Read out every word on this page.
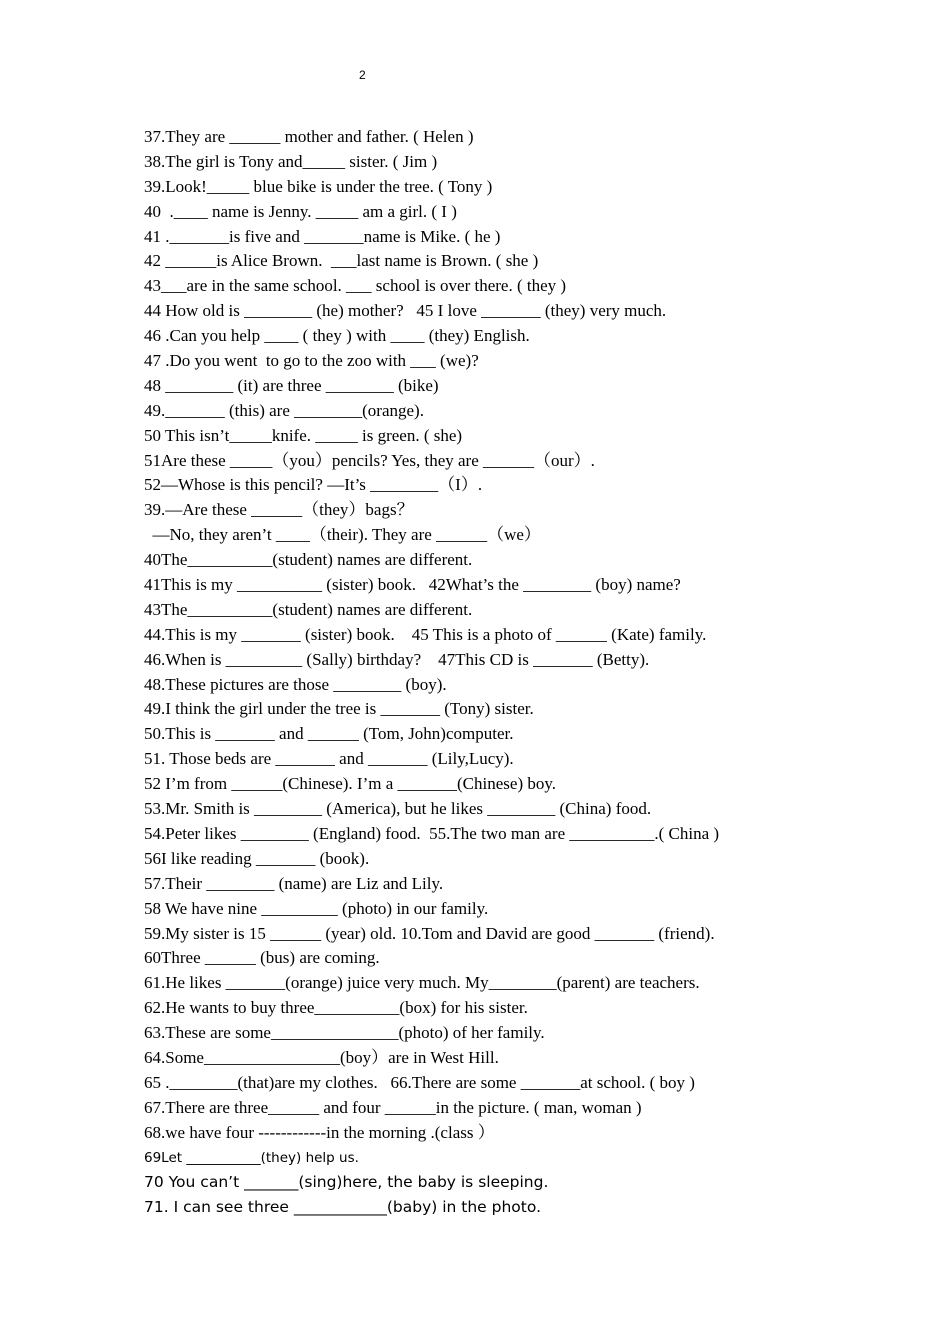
2
37.They are ______ mother and father. ( Helen )
38.The girl is Tony and_____ sister. ( Jim )
39.Look!_____ blue bike is under the tree. ( Tony )
40  .____ name is Jenny. _____ am a girl. ( I )
41 ._______is five and _______name is Mike. ( he )
42 ______is Alice Brown.  ___last name is Brown. ( she )
43___are in the same school. ___ school is over there. ( they )
44 How old is ________ (he) mother?   45 I love _______ (they) very much.
46 .Can you help ____ ( they ) with ____ (they) English.
47 .Do you went  to go to the zoo with ___ (we)?
48 ________ (it) are three ________ (bike)
49._______ (this) are ________(orange).
50 This isn’t_____knife. _____ is green. ( she)
51Are these _____（you）pencils? Yes, they are ______（our）.
52—Whose is this pencil? —It’s ________（I）.
39.—Are these ______（they）bags？
—No, they aren’t ____（their). They are ______（we）
40The__________(student) names are different.
41This is my __________ (sister) book.   42What’s the ________ (boy) name?
43The__________(student) names are different.
44.This is my _______ (sister) book.    45 This is a photo of ______ (Kate) family.
46.When is _________ (Sally) birthday?    47This CD is _______ (Betty).
48.These pictures are those ________ (boy).
49.I think the girl under the tree is _______ (Tony) sister.
50.This is _______ and ______ (Tom, John)computer.
51. Those beds are _______ and _______ (Lily,Lucy).
52 I’m from ______(Chinese). I’m a _______(Chinese) boy.
53.Mr. Smith is ________ (America), but he likes ________ (China) food.
54.Peter likes ________ (England) food.  55.The two man are __________.( China )
56I like reading _______ (book).
57.Their ________ (name) are Liz and Lily.
58 We have nine _________ (photo) in our family.
59.My sister is 15 ______ (year) old. 10.Tom and David are good _______ (friend).
60Three ______ (bus) are coming.
61.He likes _______(orange) juice very much. My________(parent) are teachers.
62.He wants to buy three__________(box) for his sister.
63.These are some_______________(photo) of her family.
64.Some________________(boy）are in West Hill.
65 .________(that)are my clothes.   66.There are some _______at school. ( boy )
67.There are three______ and four ______in the picture. ( man, woman )
68.we have four ------------in the morning .(class ）
69Let ___________(they) help us.
70 You can’t _______(sing)here, the baby is sleeping.
71. I can see three ____________(baby) in the photo.
